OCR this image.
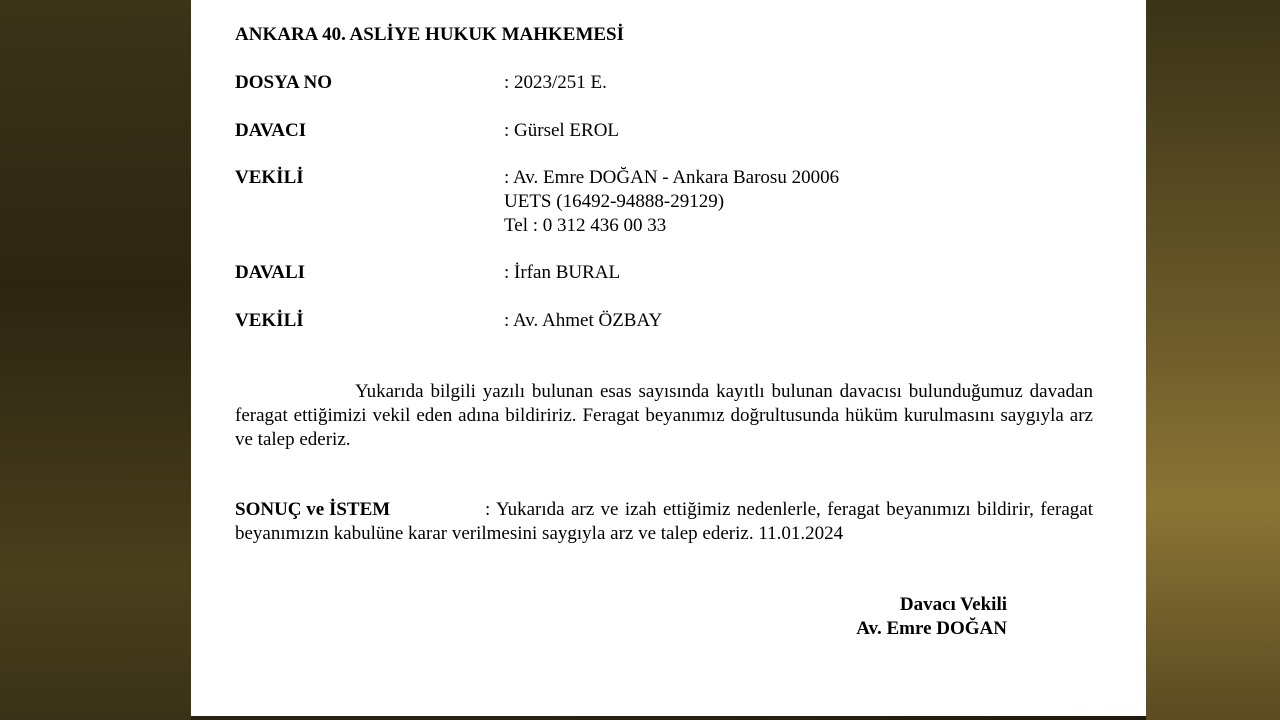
ANKARA 40. ASLİYE HUKUK MAHKEMESİ
DOSYA NO	: 2023/251 E.
DAVACI	: Gürsel EROL
VEKİLİ	: Av. Emre DOĞAN - Ankara Barosu 20006
UETS (16492-94888-29129)
Tel : 0 312 436 00 33
DAVALI	: İrfan BURAL
VEKİLİ	: Av. Ahmet ÖZBAY
Yukarıda bilgili yazılı bulunan esas sayısında kayıtlı bulunan davacısı bulunduğumuz davadan feragat ettiğimizi vekil eden adına bildiririz. Feragat beyanımız doğrultusunda hüküm kurulmasını saygıyla arz ve talep ederiz.
SONUÇ ve İSTEM	: Yukarıda arz ve izah ettiğimiz nedenlerle, feragat beyanımızı bildirir, feragat beyanımızın kabulüne karar verilmesini saygıyla arz ve talep ederiz. 11.01.2024
Davacı Vekili
Av. Emre DOĞAN
